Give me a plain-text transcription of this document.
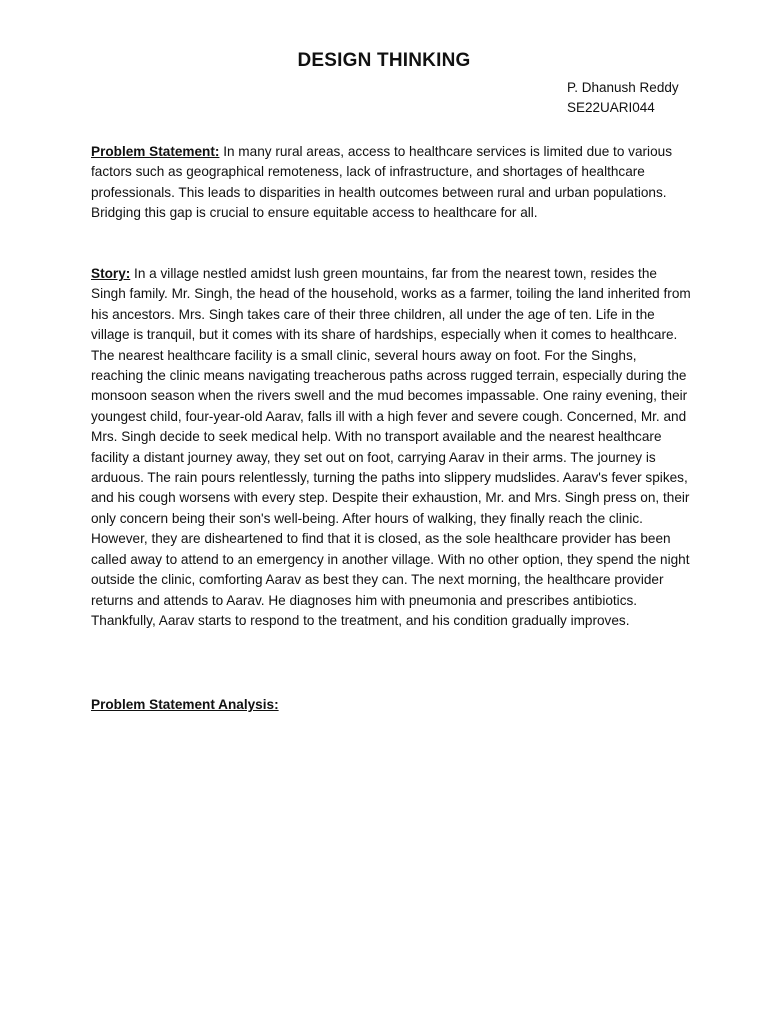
DESIGN THINKING
P. Dhanush Reddy
SE22UARI044
Problem Statement: In many rural areas, access to healthcare services is limited due to various factors such as geographical remoteness, lack of infrastructure, and shortages of healthcare professionals. This leads to disparities in health outcomes between rural and urban populations. Bridging this gap is crucial to ensure equitable access to healthcare for all.
Story: In a village nestled amidst lush green mountains, far from the nearest town, resides the Singh family. Mr. Singh, the head of the household, works as a farmer, toiling the land inherited from his ancestors. Mrs. Singh takes care of their three children, all under the age of ten. Life in the village is tranquil, but it comes with its share of hardships, especially when it comes to healthcare. The nearest healthcare facility is a small clinic, several hours away on foot. For the Singhs, reaching the clinic means navigating treacherous paths across rugged terrain, especially during the monsoon season when the rivers swell and the mud becomes impassable. One rainy evening, their youngest child, four-year-old Aarav, falls ill with a high fever and severe cough. Concerned, Mr. and Mrs. Singh decide to seek medical help. With no transport available and the nearest healthcare facility a distant journey away, they set out on foot, carrying Aarav in their arms. The journey is arduous. The rain pours relentlessly, turning the paths into slippery mudslides. Aarav's fever spikes, and his cough worsens with every step. Despite their exhaustion, Mr. and Mrs. Singh press on, their only concern being their son's well-being. After hours of walking, they finally reach the clinic. However, they are disheartened to find that it is closed, as the sole healthcare provider has been called away to attend to an emergency in another village. With no other option, they spend the night outside the clinic, comforting Aarav as best they can. The next morning, the healthcare provider returns and attends to Aarav. He diagnoses him with pneumonia and prescribes antibiotics. Thankfully, Aarav starts to respond to the treatment, and his condition gradually improves.
Problem Statement Analysis:
